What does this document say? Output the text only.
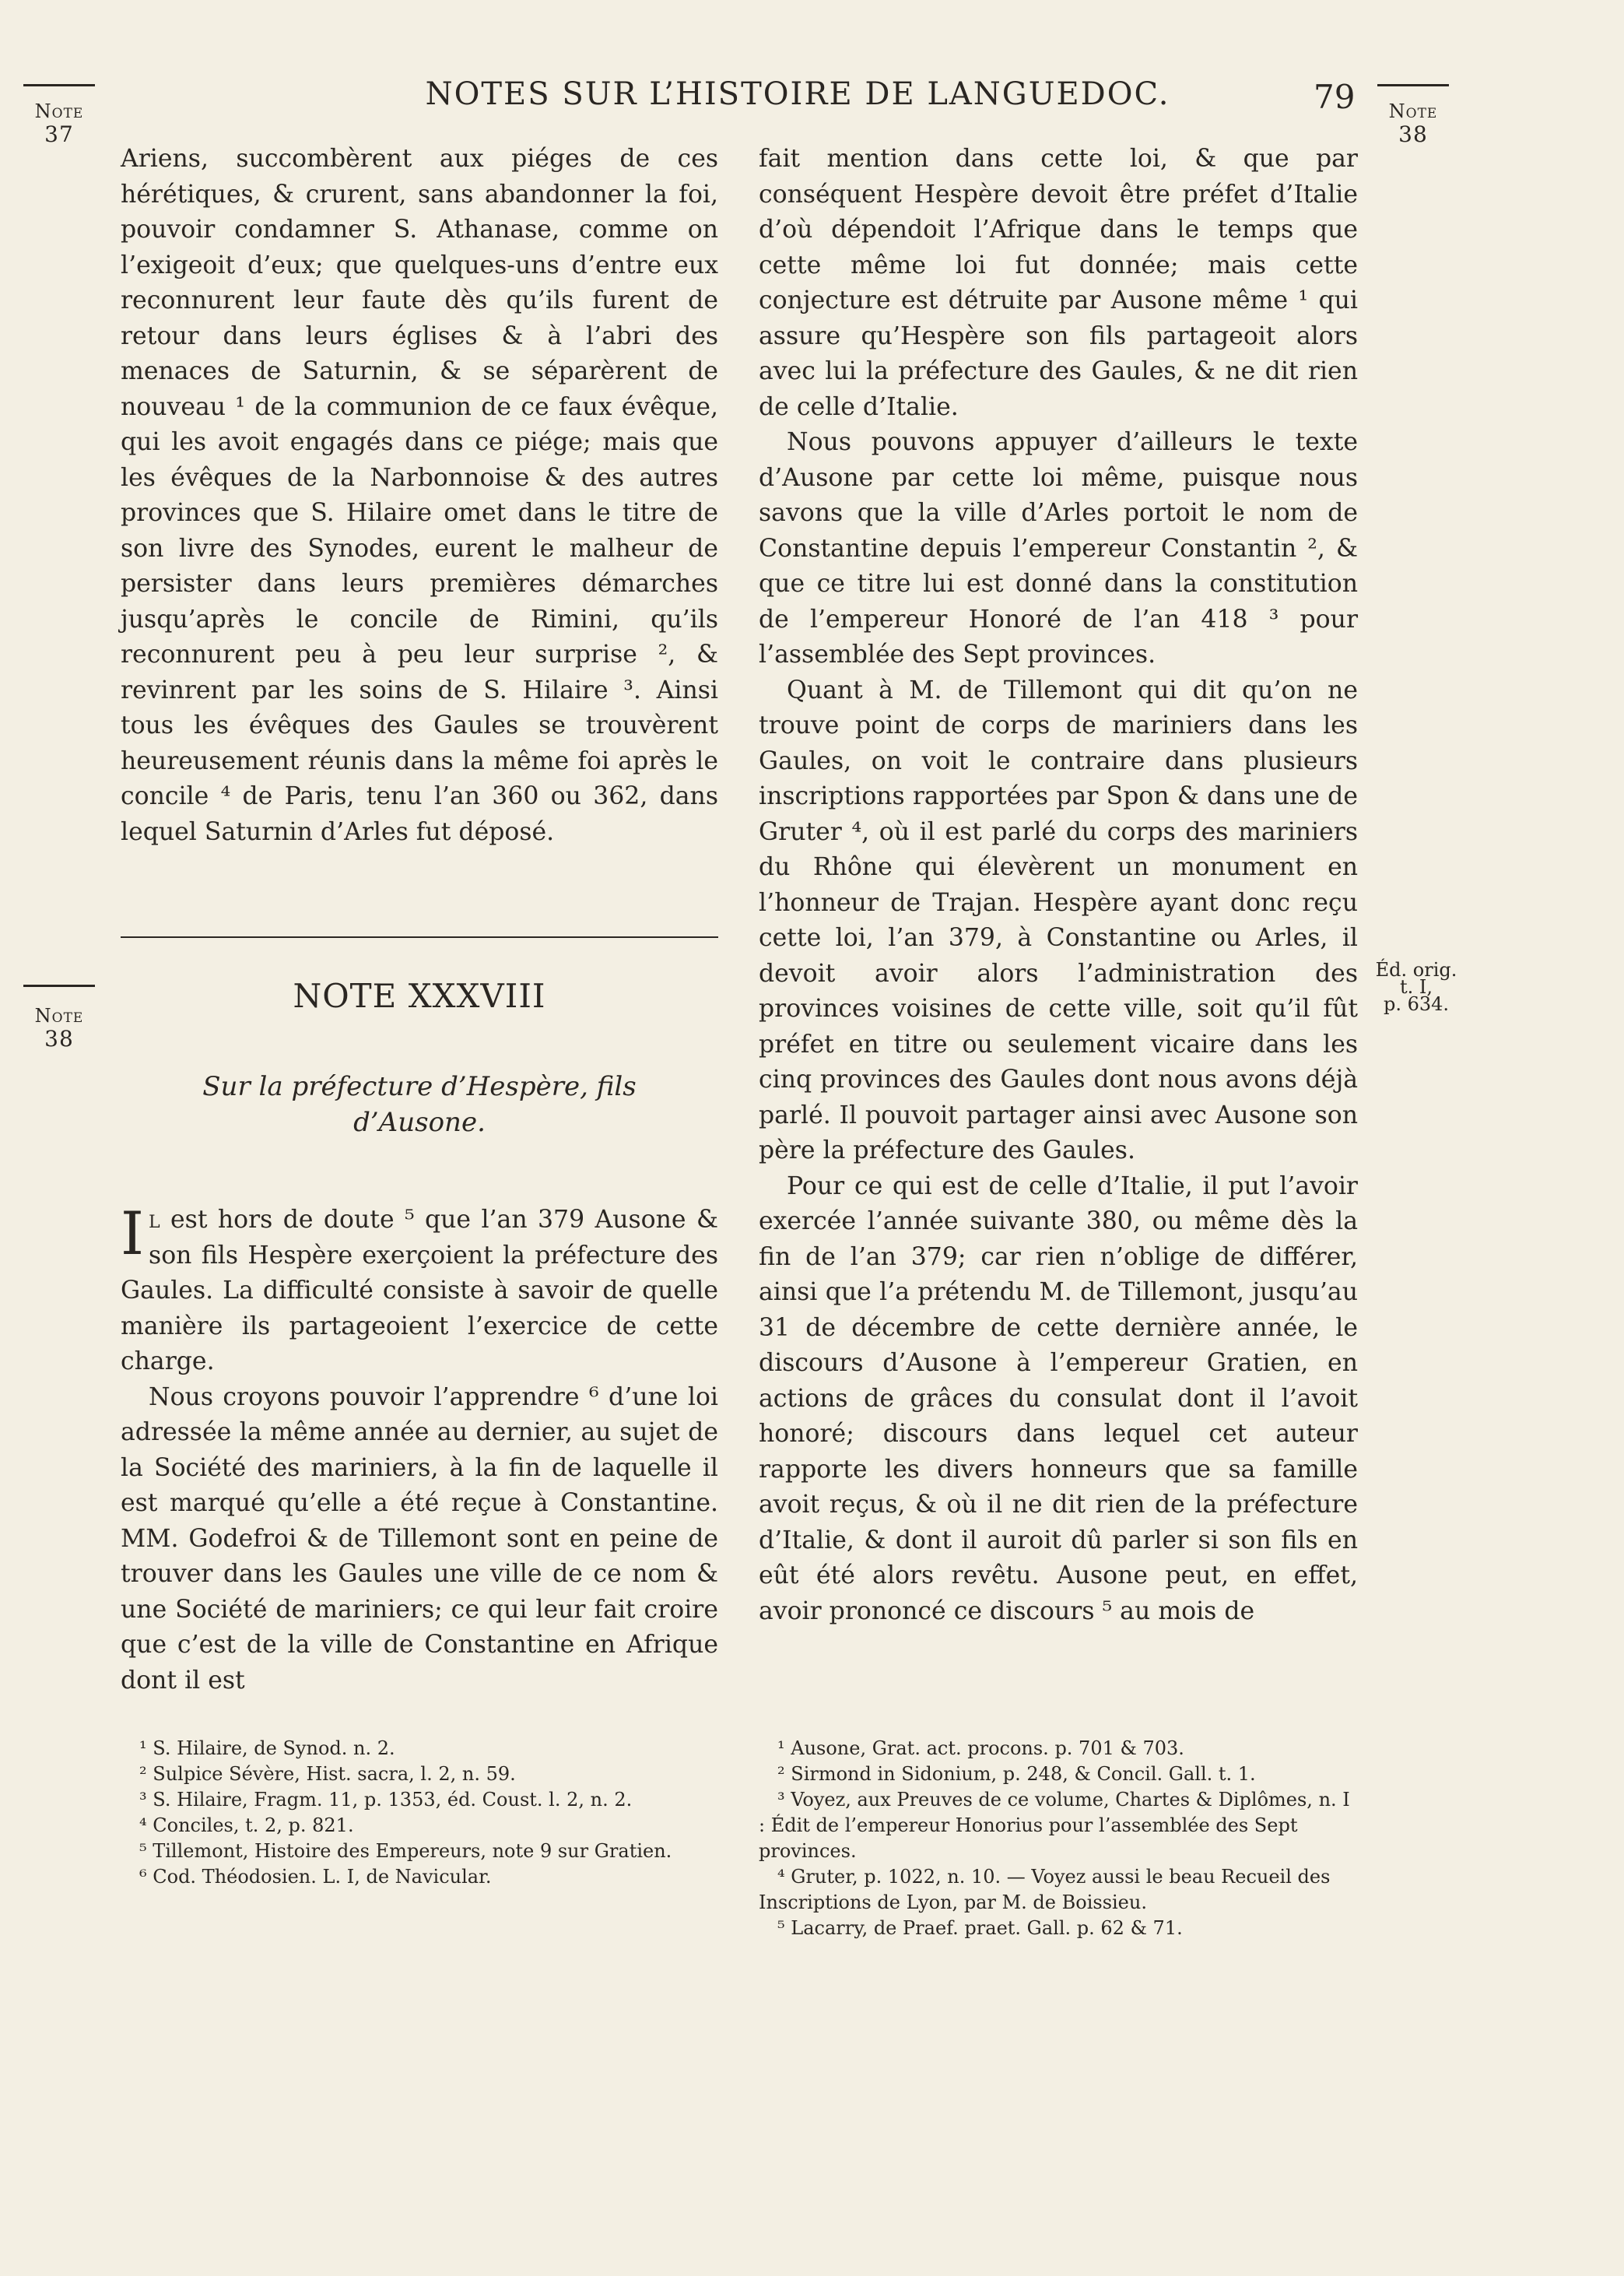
Note
37
Note
38
Note
38
Éd. orig.
t. I,
p. 634.
NOTES SUR L’HISTOIRE DE LANGUEDOC.	79

Ariens, succombèrent aux piéges de ces hérétiques, & crurent, sans abandonner la foi, pouvoir condamner S. Athanase, comme on l’exigeoit d’eux; que quelques-uns d’entre eux reconnurent leur faute dès qu’ils furent de retour dans leurs églises & à l’abri des menaces de Saturnin, & se séparèrent de nouveau ¹ de la communion de ce faux évêque, qui les avoit engagés dans ce piége; mais que les évêques de la Narbonnoise & des autres provinces que S. Hilaire omet dans le titre de son livre des Synodes, eurent le malheur de persister dans leurs premières démarches jusqu’après le concile de Rimini, qu’ils reconnurent peu à peu leur surprise ², & revinrent par les soins de S. Hilaire ³. Ainsi tous les évêques des Gaules se trouvèrent heureusement réunis dans la même foi après le concile ⁴ de Paris, tenu l’an 360 ou 362, dans lequel Saturnin d’Arles fut déposé.

NOTE XXXVIII
Sur la préfecture d’Hespère, fils
d’Ausone.

Il est hors de doute ⁵ que l’an 379 Ausone & son fils Hespère exerçoient la préfecture des Gaules. La difficulté consiste à savoir de quelle manière ils partageoient l’exercice de cette charge.

Nous croyons pouvoir l’apprendre ⁶ d’une loi adressée la même année au dernier, au sujet de la Société des mariniers, à la fin de laquelle il est marqué qu’elle a été reçue à Constantine. MM. Godefroi & de Tillemont sont en peine de trouver dans les Gaules une ville de ce nom & une Société de mariniers; ce qui leur fait croire que c’est de la ville de Constantine en Afrique dont il est

fait mention dans cette loi, & que par conséquent Hespère devoit être préfet d’Italie d’où dépendoit l’Afrique dans le temps que cette même loi fut donnée; mais cette conjecture est détruite par Ausone même ¹ qui assure qu’Hespère son fils partageoit alors avec lui la préfecture des Gaules, & ne dit rien de celle d’Italie.

Nous pouvons appuyer d’ailleurs le texte d’Ausone par cette loi même, puisque nous savons que la ville d’Arles portoit le nom de Constantine depuis l’empereur Constantin ², & que ce titre lui est donné dans la constitution de l’empereur Honoré de l’an 418 ³ pour l’assemblée des Sept provinces.

Quant à M. de Tillemont qui dit qu’on ne trouve point de corps de mariniers dans les Gaules, on voit le contraire dans plusieurs inscriptions rapportées par Spon & dans une de Gruter ⁴, où il est parlé du corps des mariniers du Rhône qui élevèrent un monument en l’honneur de Trajan. Hespère ayant donc reçu cette loi, l’an 379, à Constantine ou Arles, il devoit avoir alors l’administration des provinces voisines de cette ville, soit qu’il fût préfet en titre ou seulement vicaire dans les cinq provinces des Gaules dont nous avons déjà parlé. Il pouvoit partager ainsi avec Ausone son père la préfecture des Gaules.

Pour ce qui est de celle d’Italie, il put l’avoir exercée l’année suivante 380, ou même dès la fin de l’an 379; car rien n’oblige de différer, ainsi que l’a prétendu M. de Tillemont, jusqu’au 31 de décembre de cette dernière année, le discours d’Ausone à l’empereur Gratien, en actions de grâces du consulat dont il l’avoit honoré; discours dans lequel cet auteur rapporte les divers honneurs que sa famille avoit reçus, & où il ne dit rien de la préfecture d’Italie, & dont il auroit dû parler si son fils en eût été alors revêtu. Ausone peut, en effet, avoir prononcé ce discours ⁵ au mois de

¹ S. Hilaire, de Synod. n. 2.

² Sulpice Sévère, Hist. sacra, l. 2, n. 59.

³ S. Hilaire, Fragm. 11, p. 1353, éd. Coust. l. 2, n. 2.

⁴ Conciles, t. 2, p. 821.

⁵ Tillemont, Histoire des Empereurs, note 9 sur Gratien.

⁶ Cod. Théodosien. L. I, de Navicular.

¹ Ausone, Grat. act. procons. p. 701 & 703.

² Sirmond in Sidonium, p. 248, & Concil. Gall. t. 1.

³ Voyez, aux Preuves de ce volume, Chartes & Diplômes, n. I : Édit de l’empereur Honorius pour l’assemblée des Sept provinces.

⁴ Gruter, p. 1022, n. 10. — Voyez aussi le beau Recueil des Inscriptions de Lyon, par M. de Boissieu.

⁵ Lacarry, de Praef. praet. Gall. p. 62 & 71.
